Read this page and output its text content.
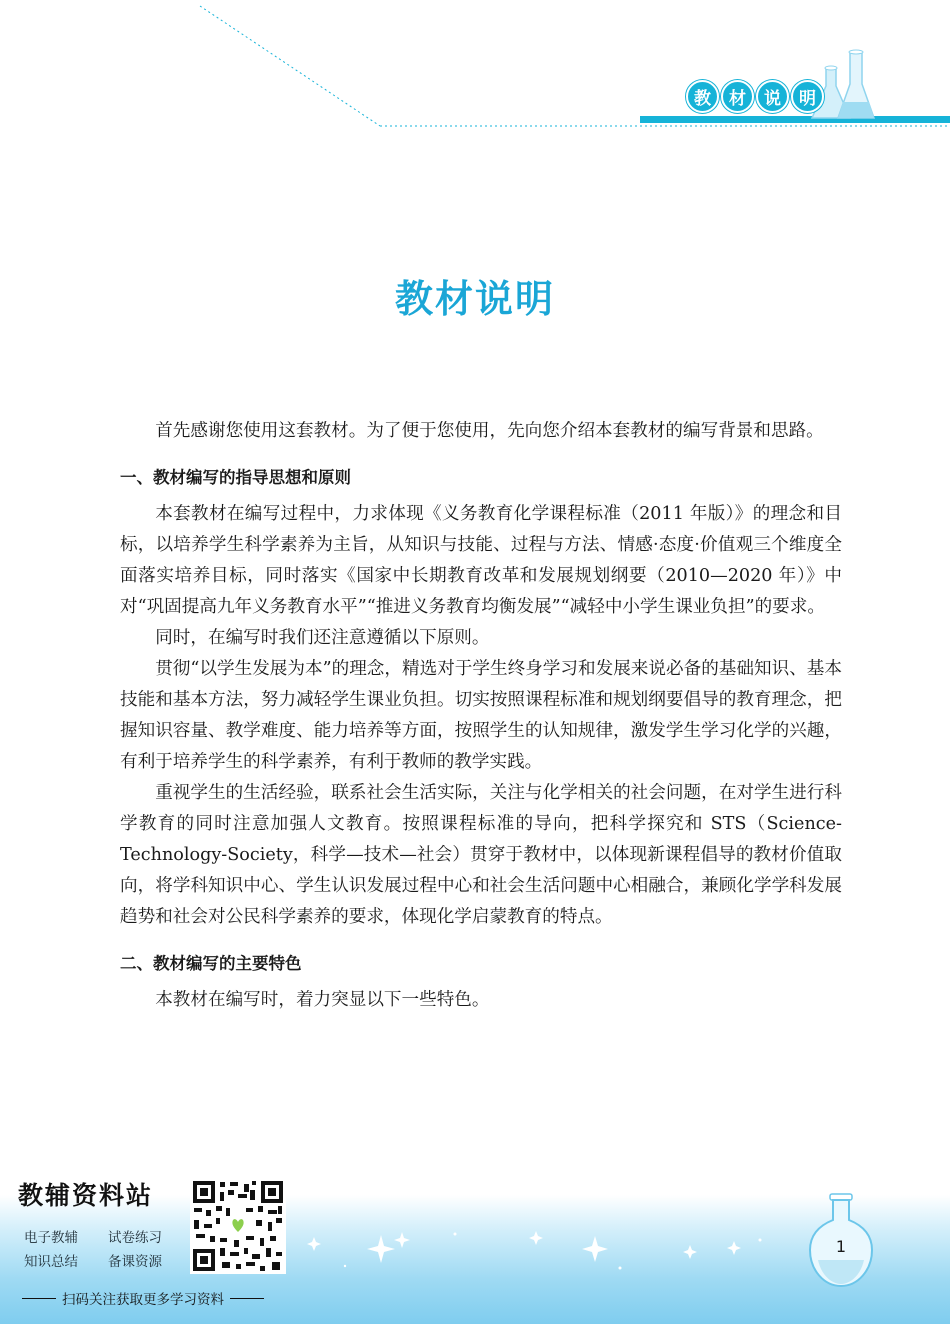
教	材	说	明
教材说明

首先感谢您使用这套教材。为了便于您使用，先向您介绍本套教材的编写背景和思路。

一、教材编写的指导思想和原则

本套教材在编写过程中，力求体现《义务教育化学课程标准（2011 年版）》的理念和目标，以培养学生科学素养为主旨，从知识与技能、过程与方法、情感·态度·价值观三个维度全面落实培养目标，同时落实《国家中长期教育改革和发展规划纲要（2010—2020 年）》中对“巩固提高九年义务教育水平”“推进义务教育均衡发展”“减轻中小学生课业负担”的要求。

同时，在编写时我们还注意遵循以下原则。

贯彻“以学生发展为本”的理念，精选对于学生终身学习和发展来说必备的基础知识、基本技能和基本方法，努力减轻学生课业负担。切实按照课程标准和规划纲要倡导的教育理念，把握知识容量、教学难度、能力培养等方面，按照学生的认知规律，激发学生学习化学的兴趣，有利于培养学生的科学素养，有利于教师的教学实践。

重视学生的生活经验，联系社会生活实际，关注与化学相关的社会问题，在对学生进行科学教育的同时注意加强人文教育。按照课程标准的导向，把科学探究和 STS（Science-Technology-Society，科学—技术—社会）贯穿于教材中，以体现新课程倡导的教材价值取向，将学科知识中心、学生认识发展过程中心和社会生活问题中心相融合，兼顾化学学科发展趋势和社会对公民科学素养的要求，体现化学启蒙教育的特点。

二、教材编写的主要特色

本教材在编写时，着力突显以下一些特色。

教辅资料站
电子教辅	试卷练习
知识总结	备课资源
扫码关注获取更多学习资料
1
